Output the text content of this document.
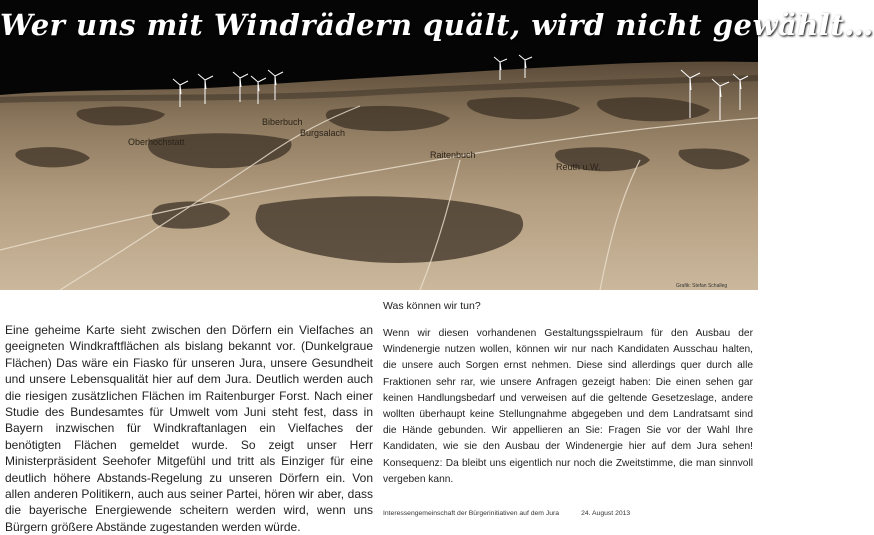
Wer uns mit Windrädern quält, wird nicht gewählt…
Oberhochstatt
Biberbuch
Burgsalach
Raitenbuch
Reuth u.W.
Grafik: Stefan Schalleg
Eine geheime Karte sieht zwischen den Dörfern ein Vielfaches an geeigneten Windkraftflächen als bislang bekannt vor. (Dunkelgraue Flächen) Das wäre ein Fiasko für unseren Jura, unsere Gesundheit und unsere Lebensqualität hier auf dem Jura. Deutlich werden auch die riesigen zusätzlichen Flächen im Raitenburger Forst. Nach einer Studie des Bundesamtes für Umwelt vom Juni steht fest, dass in Bayern inzwischen für Windkraftanlagen ein Vielfaches der benötigten Flächen gemeldet wurde. So zeigt unser Herr Ministerpräsident Seehofer Mitgefühl und tritt als Einziger für eine deutlich höhere Abstands-Regelung zu unseren Dörfern ein. Von allen anderen Politikern, auch aus seiner Partei, hören wir aber, dass die bayerische Energiewende scheitern werden wird, wenn uns Bürgern größere Abstände zugestanden werden würde.

Was können wir tun?

Wenn wir diesen vorhandenen Gestaltungsspielraum für den Ausbau der Windenergie nutzen wollen, können wir nur nach Kandidaten Ausschau halten, die unsere auch Sorgen ernst nehmen. Diese sind allerdings quer durch alle Fraktionen sehr rar, wie unsere Anfragen gezeigt haben: Die einen sehen gar keinen Handlungsbedarf und verweisen auf die geltende Gesetzeslage, andere wollten überhaupt keine Stellungnahme abgegeben und dem Landratsamt sind die Hände gebunden. Wir appellieren an Sie: Fragen Sie vor der Wahl Ihre Kandidaten, wie sie den Ausbau der Windenergie hier auf dem Jura sehen! Konsequenz: Da bleibt uns eigentlich nur noch die Zweitstimme, die man sinnvoll vergeben kann.

Interessengemeinschaft der Bürgerinitiativen auf dem Jura	24. August 2013
